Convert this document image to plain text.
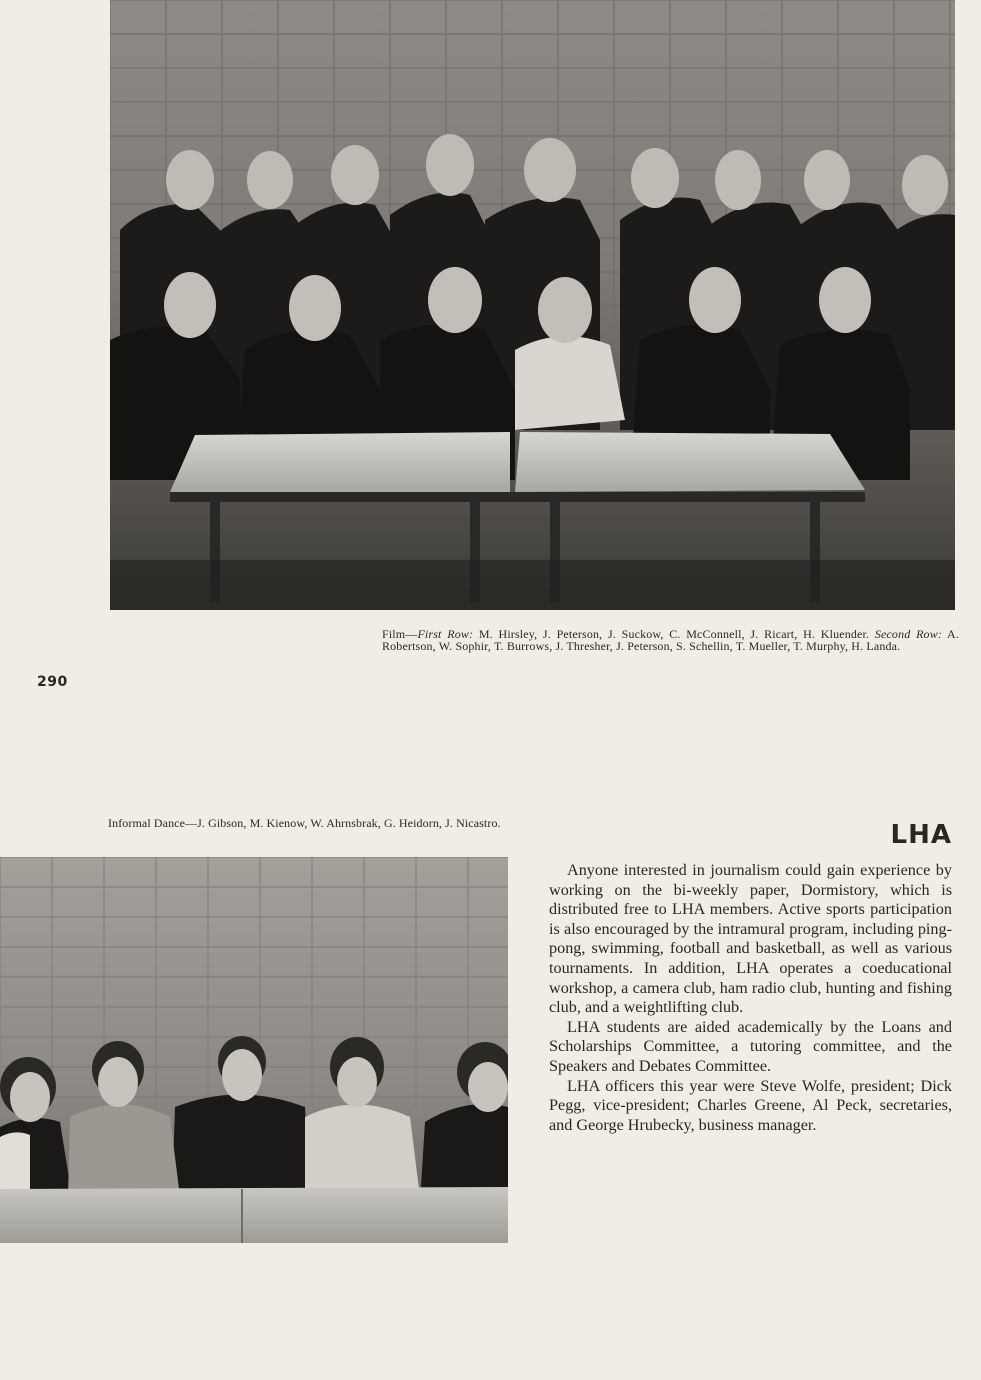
Film—First Row: M. Hirsley, J. Peterson, J. Suckow, C. McConnell, J. Ricart, H. Kluender. Second Row: A. Robertson, W. Sophir, T. Burrows, J. Thresher, J. Peterson, S. Schellin, T. Mueller, T. Murphy, H. Landa.
290
Informal Dance—J. Gibson, M. Kienow, W. Ahrnsbrak, G. Heidorn, J. Nicastro.	LHA

Anyone interested in journalism could gain experience by working on the bi-weekly paper, Dormistory, which is distributed free to LHA members. Active sports participation is also encouraged by the intramural program, including ping-pong, swimming, football and basketball, as well as various tournaments. In addition, LHA operates a coeducational workshop, a camera club, ham radio club, hunting and fishing club, and a weightlifting club.

LHA students are aided academically by the Loans and Scholarships Committee, a tutoring committee, and the Speakers and Debates Committee.

LHA officers this year were Steve Wolfe, president; Dick Pegg, vice-president; Charles Greene, Al Peck, secretaries, and George Hrubecky, business manager.
